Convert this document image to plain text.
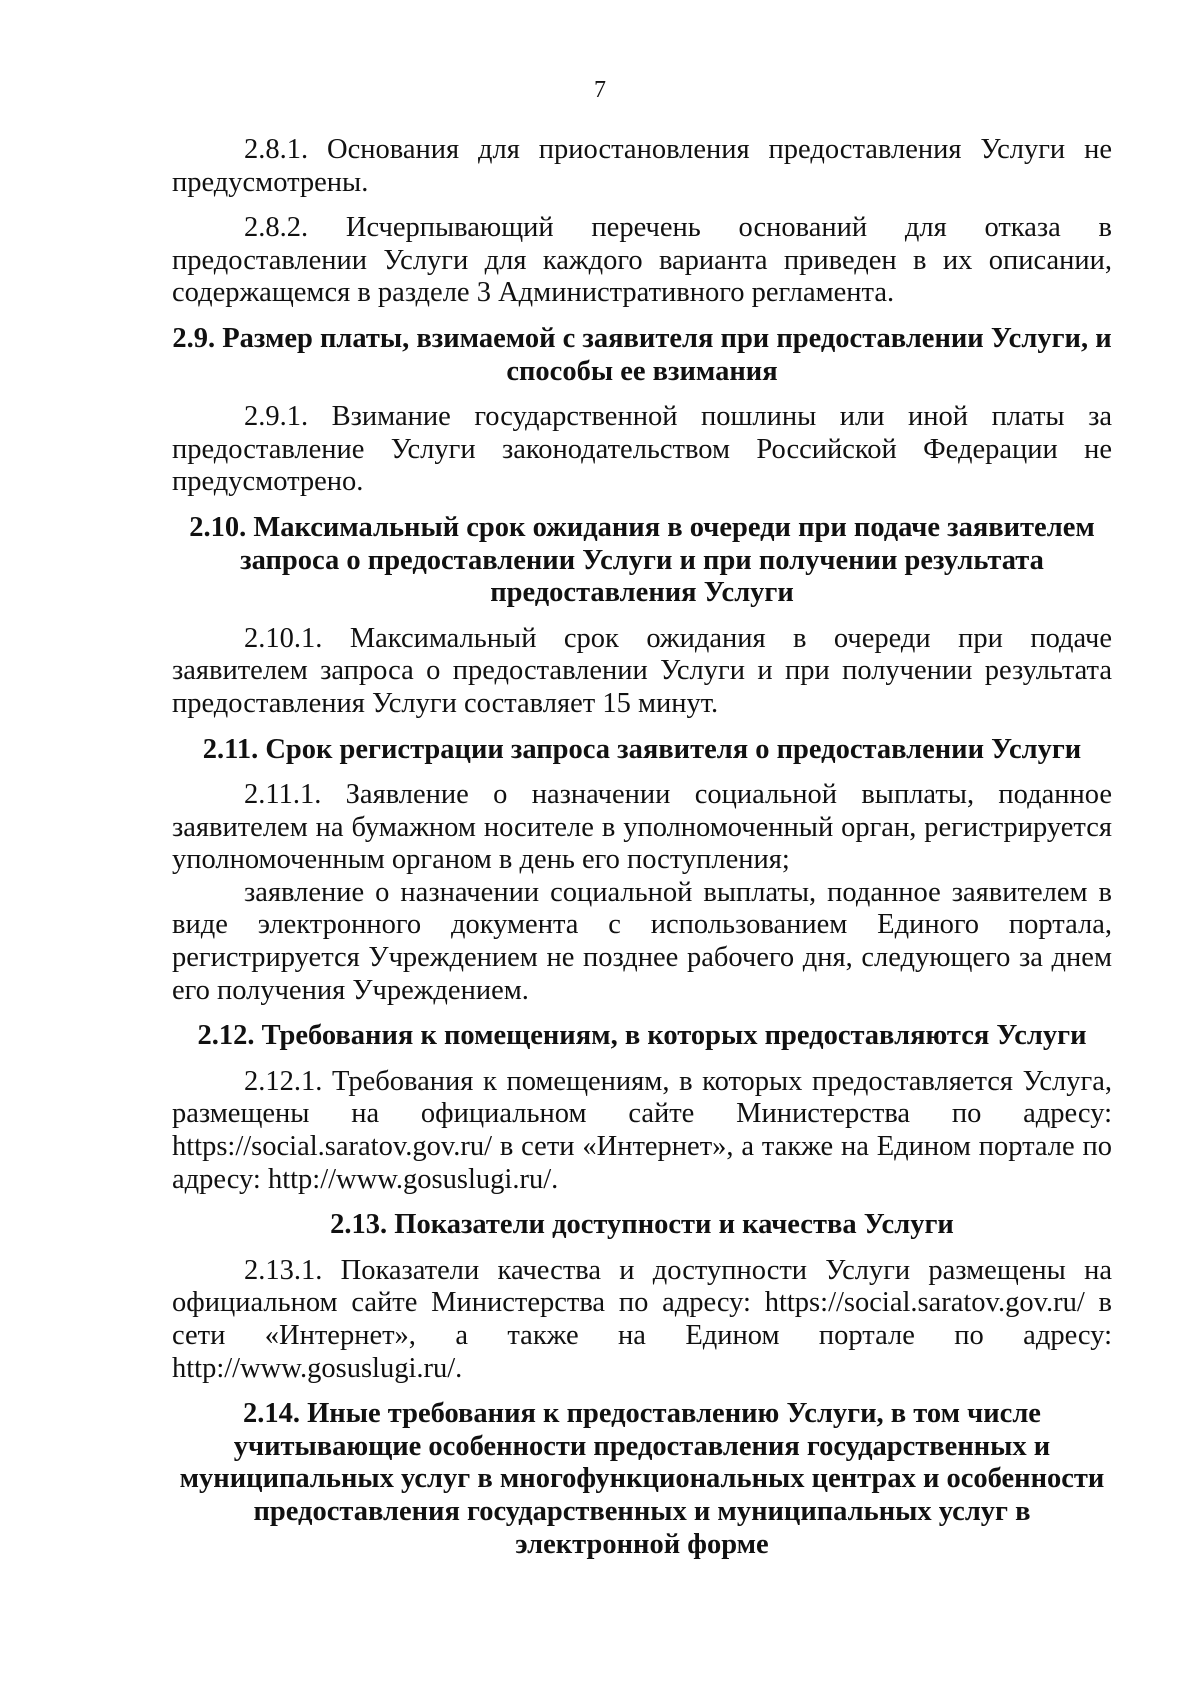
7

2.8.1. Основания для приостановления предоставления Услуги не предусмотрены.

2.8.2. Исчерпывающий перечень оснований для отказа в предоставлении Услуги для каждого варианта приведен в их описании, содержащемся в разделе 3 Административного регламента.

2.9. Размер платы, взимаемой с заявителя при предоставлении Услуги, и способы ее взимания

2.9.1. Взимание государственной пошлины или иной платы за предоставление Услуги законодательством Российской Федерации не предусмотрено.

2.10. Максимальный срок ожидания в очереди при подаче заявителем
запроса о предоставлении Услуги и при получении результата
предоставления Услуги

2.10.1. Максимальный срок ожидания в очереди при подаче заявителем запроса о предоставлении Услуги и при получении результата предоставления Услуги составляет 15 минут.

2.11. Срок регистрации запроса заявителя о предоставлении Услуги

2.11.1. Заявление о назначении социальной выплаты, поданное заявителем на бумажном носителе в уполномоченный орган, регистрируется уполномоченным органом в день его поступления;

заявление о назначении социальной выплаты, поданное заявителем в виде электронного документа с использованием Единого портала, регистрируется Учреждением не позднее рабочего дня, следующего за днем его получения Учреждением.

2.12. Требования к помещениям, в которых предоставляются Услуги

2.12.1. Требования к помещениям, в которых предоставляется Услуга, размещены на официальном сайте Министерства по адресу: https://social.saratov.gov.ru/ в сети «Интернет», а также на Едином портале по адресу: http://www.gosuslugi.ru/.

2.13. Показатели доступности и качества Услуги

2.13.1. Показатели качества и доступности Услуги размещены на официальном сайте Министерства по адресу: https://social.saratov.gov.ru/ в сети «Интернет», а также на Едином портале по адресу: http://www.gosuslugi.ru/.

2.14. Иные требования к предоставлению Услуги, в том числе
учитывающие особенности предоставления государственных и
муниципальных услуг в многофункциональных центрах и особенности
предоставления государственных и муниципальных услуг в
электронной форме
